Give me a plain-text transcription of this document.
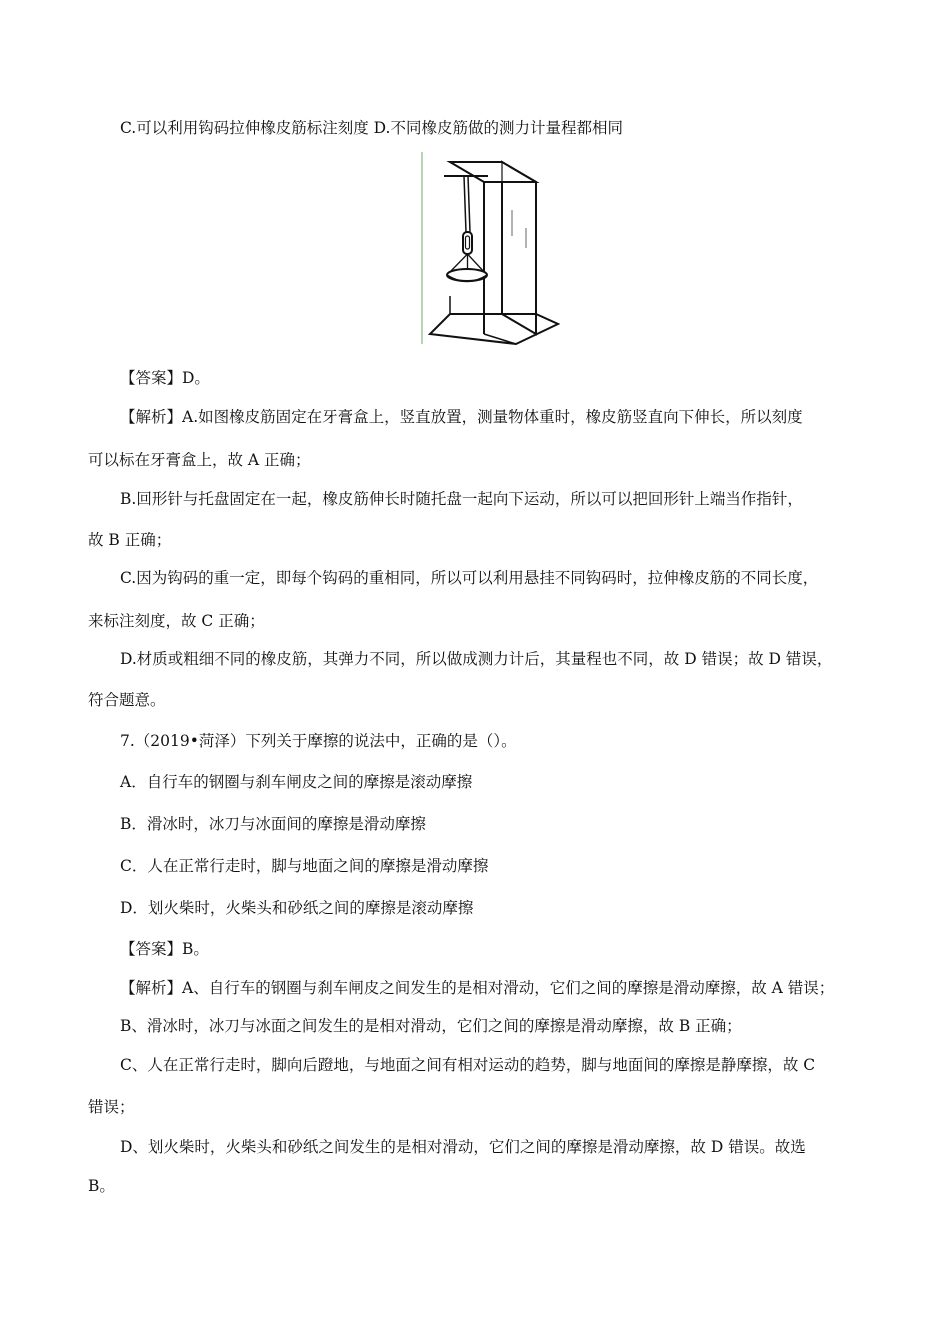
C.可以利用钩码拉伸橡皮筋标注刻度 D.不同橡皮筋做的测力计量程都相同
【答案】D。
【解析】A.如图橡皮筋固定在牙膏盒上，竖直放置，测量物体重时，橡皮筋竖直向下伸长，所以刻度
可以标在牙膏盒上，故 A 正确；
B.回形针与托盘固定在一起，橡皮筋伸长时随托盘一起向下运动，所以可以把回形针上端当作指针，
故 B 正确；
C.因为钩码的重一定，即每个钩码的重相同，所以可以利用悬挂不同钩码时，拉伸橡皮筋的不同长度，
来标注刻度，故 C 正确；
D.材质或粗细不同的橡皮筋，其弹力不同，所以做成测力计后，其量程也不同，故 D 错误；故 D 错误，
符合题意。
7.（2019•菏泽）下列关于摩擦的说法中，正确的是（）。
A．自行车的钢圈与刹车闸皮之间的摩擦是滚动摩擦
B．滑冰时，冰刀与冰面间的摩擦是滑动摩擦
C．人在正常行走时，脚与地面之间的摩擦是滑动摩擦
D．划火柴时，火柴头和砂纸之间的摩擦是滚动摩擦
【答案】B。
【解析】A、自行车的钢圈与刹车闸皮之间发生的是相对滑动，它们之间的摩擦是滑动摩擦，故 A 错误；
B、滑冰时，冰刀与冰面之间发生的是相对滑动，它们之间的摩擦是滑动摩擦，故 B 正确；
C、人在正常行走时，脚向后蹬地，与地面之间有相对运动的趋势，脚与地面间的摩擦是静摩擦，故 C
错误；
D、划火柴时，火柴头和砂纸之间发生的是相对滑动，它们之间的摩擦是滑动摩擦，故 D 错误。故选
B。
